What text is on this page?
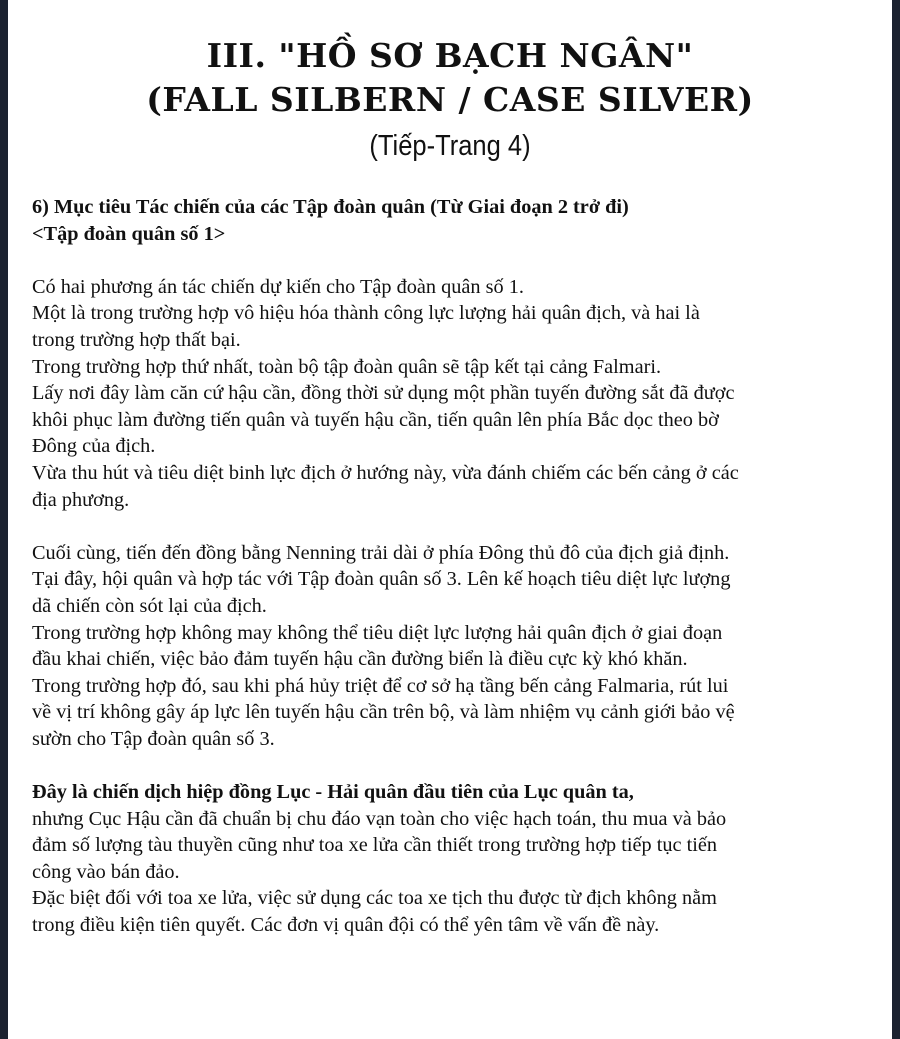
III. "HỒ SƠ BẠCH NGÂN"

(FALL SILBERN / CASE SILVER)

(Tiếp-Trang 4)

6) Mục tiêu Tác chiến của các Tập đoàn quân (Từ Giai đoạn 2 trở đi)

<Tập đoàn quân số 1>

Có hai phương án tác chiến dự kiến cho Tập đoàn quân số 1.

Một là trong trường hợp vô hiệu hóa thành công lực lượng hải quân địch, và hai là

trong trường hợp thất bại.

Trong trường hợp thứ nhất, toàn bộ tập đoàn quân sẽ tập kết tại cảng Falmari.

Lấy nơi đây làm căn cứ hậu cần, đồng thời sử dụng một phần tuyến đường sắt đã được

khôi phục làm đường tiến quân và tuyến hậu cần, tiến quân lên phía Bắc dọc theo bờ

Đông của địch.

Vừa thu hút và tiêu diệt binh lực địch ở hướng này, vừa đánh chiếm các bến cảng ở các

địa phương.

Cuối cùng, tiến đến đồng bằng Nenning trải dài ở phía Đông thủ đô của địch giả định.

Tại đây, hội quân và hợp tác với Tập đoàn quân số 3. Lên kế hoạch tiêu diệt lực lượng

dã chiến còn sót lại của địch.

Trong trường hợp không may không thể tiêu diệt lực lượng hải quân địch ở giai đoạn

đầu khai chiến, việc bảo đảm tuyến hậu cần đường biển là điều cực kỳ khó khăn.

Trong trường hợp đó, sau khi phá hủy triệt để cơ sở hạ tầng bến cảng Falmaria, rút lui

về vị trí không gây áp lực lên tuyến hậu cần trên bộ, và làm nhiệm vụ cảnh giới bảo vệ

sườn cho Tập đoàn quân số 3.

Đây là chiến dịch hiệp đồng Lục - Hải quân đầu tiên của Lục quân ta,

nhưng Cục Hậu cần đã chuẩn bị chu đáo vạn toàn cho việc hạch toán, thu mua và bảo

đảm số lượng tàu thuyền cũng như toa xe lửa cần thiết trong trường hợp tiếp tục tiến

công vào bán đảo.

Đặc biệt đối với toa xe lửa, việc sử dụng các toa xe tịch thu được từ địch không nằm

trong điều kiện tiên quyết. Các đơn vị quân đội có thể yên tâm về vấn đề này.
